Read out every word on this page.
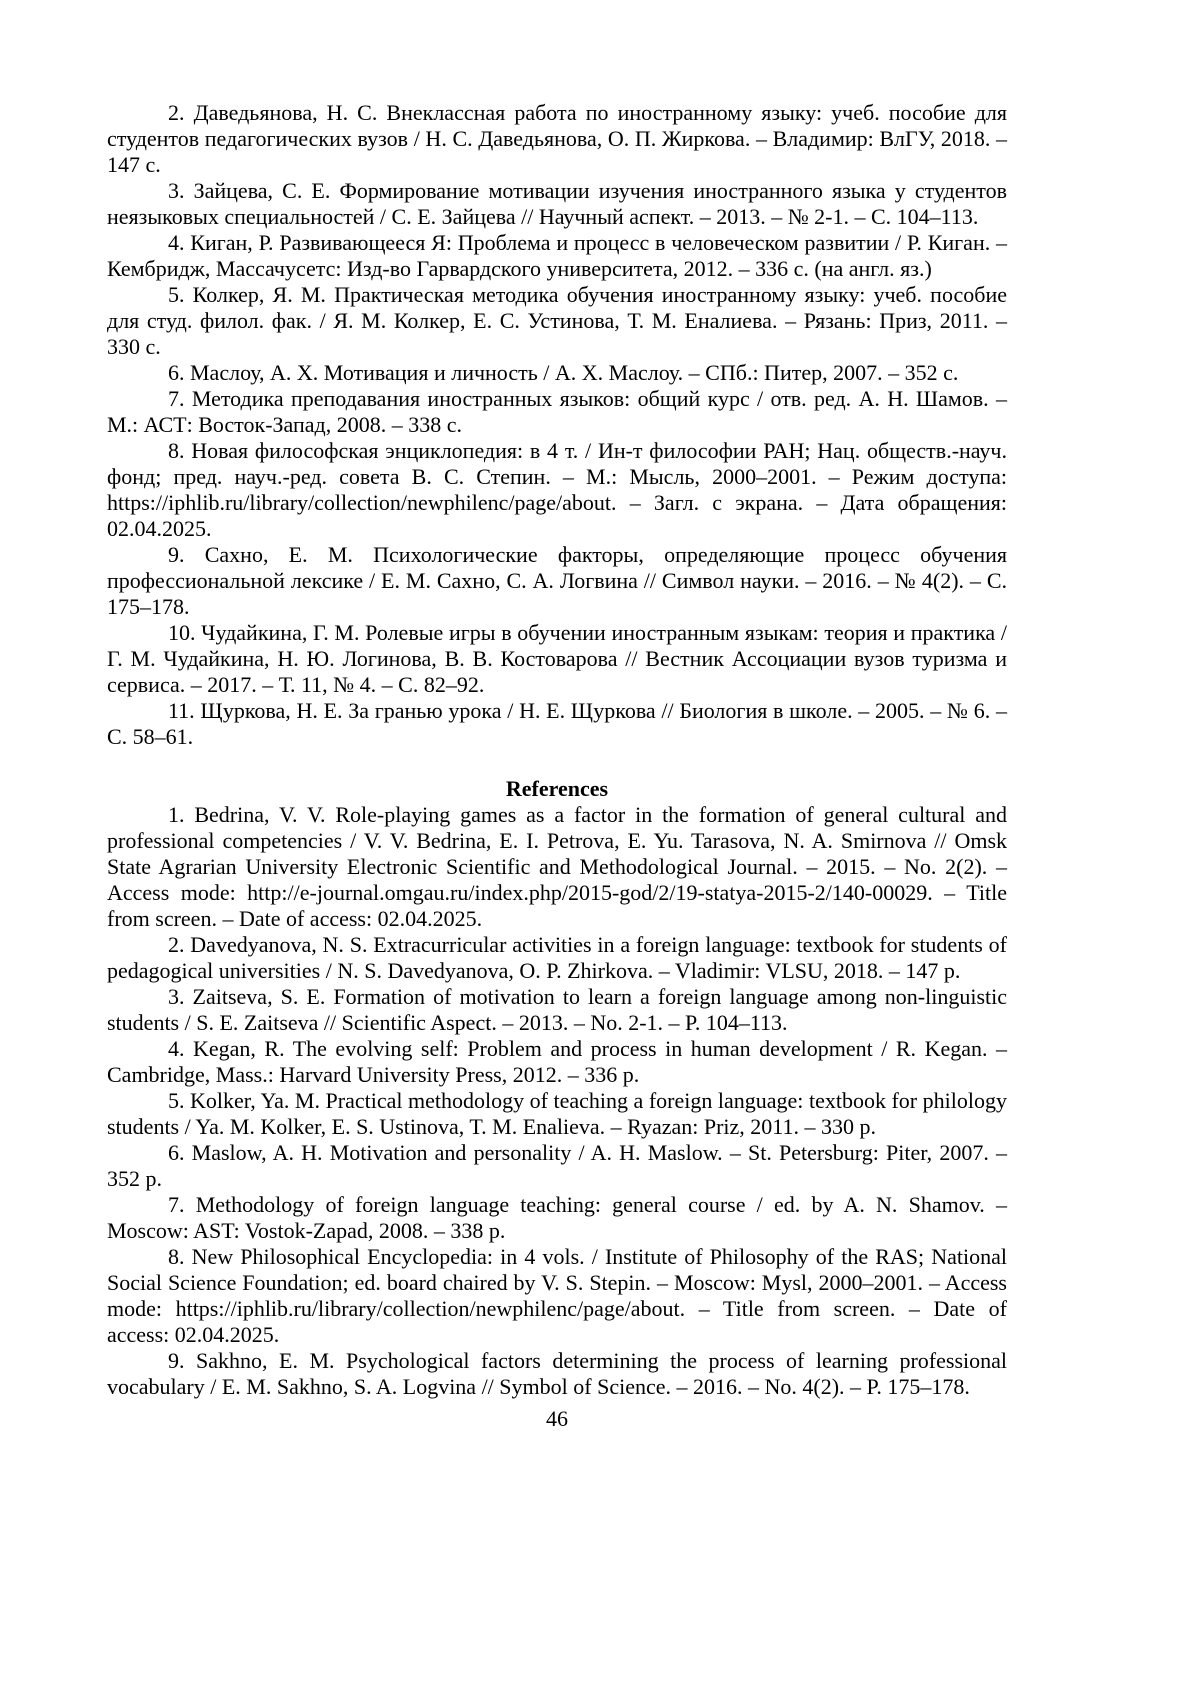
2. Даведьянова, Н. С. Внеклассная работа по иностранному языку: учеб. пособие для студентов педагогических вузов / Н. С. Даведьянова, О. П. Жиркова. – Владимир: ВлГУ, 2018. – 147 с.

3. Зайцева, С. Е. Формирование мотивации изучения иностранного языка у студентов неязыковых специальностей / С. Е. Зайцева // Научный аспект. – 2013. – № 2-1. – С. 104–113.

4. Киган, Р. Развивающееся Я: Проблема и процесс в человеческом развитии / Р. Киган. – Кембридж, Массачусетс: Изд-во Гарвардского университета, 2012. – 336 с. (на англ. яз.)

5. Колкер, Я. М. Практическая методика обучения иностранному языку: учеб. пособие для студ. филол. фак. / Я. М. Колкер, Е. С. Устинова, Т. М. Еналиева. – Рязань: Приз, 2011. – 330 с.

6. Маслоу, А. Х. Мотивация и личность / А. Х. Маслоу. – СПб.: Питер, 2007. – 352 с.

7. Методика преподавания иностранных языков: общий курс / отв. ред. А. Н. Шамов. – М.: АСТ: Восток-Запад, 2008. – 338 с.

8. Новая философская энциклопедия: в 4 т. / Ин-т философии РАН; Нац. обществ.-науч. фонд; пред. науч.-ред. совета В. С. Степин. – М.: Мысль, 2000–2001. – Режим доступа: https://iphlib.ru/library/collection/newphilenc/page/about. – Загл. с экрана. – Дата обращения: 02.04.2025.

9. Сахно, Е. М. Психологические факторы, определяющие процесс обучения профессиональной лексике / Е. М. Сахно, С. А. Логвина // Символ науки. – 2016. – № 4(2). – С. 175–178.

10. Чудайкина, Г. М. Ролевые игры в обучении иностранным языкам: теория и практика / Г. М. Чудайкина, Н. Ю. Логинова, В. В. Костоварова // Вестник Ассоциации вузов туризма и сервиса. – 2017. – Т. 11, № 4. – С. 82–92.

11. Щуркова, Н. Е. За гранью урока / Н. Е. Щуркова // Биология в школе. – 2005. – № 6. – С. 58–61.

References

1. Bedrina, V. V. Role-playing games as a factor in the formation of general cultural and professional competencies / V. V. Bedrina, E. I. Petrova, E. Yu. Tarasova, N. A. Smirnova // Omsk State Agrarian University Electronic Scientific and Methodological Journal. – 2015. – No. 2(2). – Access mode: http://e-journal.omgau.ru/index.php/2015-god/2/19-statya-2015-2/140-00029. – Title from screen. – Date of access: 02.04.2025.

2. Davedyanova, N. S. Extracurricular activities in a foreign language: textbook for students of pedagogical universities / N. S. Davedyanova, O. P. Zhirkova. – Vladimir: VLSU, 2018. – 147 p.

3. Zaitseva, S. E. Formation of motivation to learn a foreign language among non-linguistic students / S. E. Zaitseva // Scientific Aspect. – 2013. – No. 2-1. – P. 104–113.

4. Kegan, R. The evolving self: Problem and process in human development / R. Kegan. – Cambridge, Mass.: Harvard University Press, 2012. – 336 p.

5. Kolker, Ya. M. Practical methodology of teaching a foreign language: textbook for philology students / Ya. M. Kolker, E. S. Ustinova, T. M. Enalieva. – Ryazan: Priz, 2011. – 330 p.

6. Maslow, A. H. Motivation and personality / A. H. Maslow. – St. Petersburg: Piter, 2007. – 352 p.

7. Methodology of foreign language teaching: general course / ed. by A. N. Shamov. – Moscow: AST: Vostok-Zapad, 2008. – 338 p.

8. New Philosophical Encyclopedia: in 4 vols. / Institute of Philosophy of the RAS; National Social Science Foundation; ed. board chaired by V. S. Stepin. – Moscow: Mysl, 2000–2001. – Access mode: https://iphlib.ru/library/collection/newphilenc/page/about. – Title from screen. – Date of access: 02.04.2025.

9. Sakhno, E. M. Psychological factors determining the process of learning professional vocabulary / E. M. Sakhno, S. A. Logvina // Symbol of Science. – 2016. – No. 4(2). – P. 175–178.

46
